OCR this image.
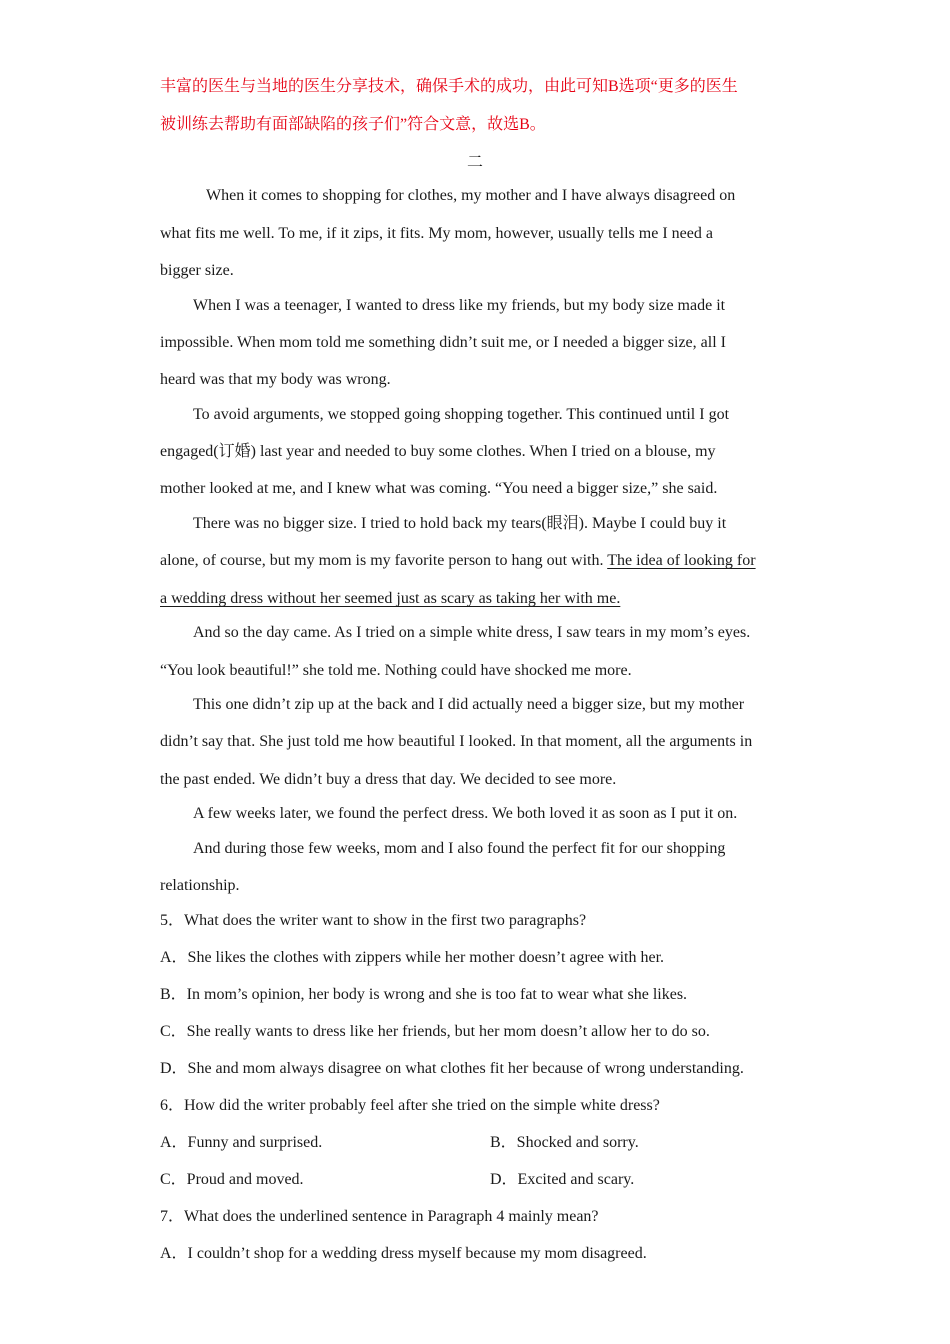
丰富的医生与当地的医生分享技术，确保手术的成功，由此可知B选项“更多的医生
被训练去帮助有面部缺陷的孩子们”符合文意，故选B。
二
When it comes to shopping for clothes, my mother and I have always disagreed on
what fits me well. To me, if it zips, it fits. My mom, however, usually tells me I need a
bigger size.
When I was a teenager, I wanted to dress like my friends, but my body size made it
impossible. When mom told me something didn’t suit me, or I needed a bigger size, all I
heard was that my body was wrong.
To avoid arguments, we stopped going shopping together. This continued until I got
engaged(订婚) last year and needed to buy some clothes. When I tried on a blouse, my
mother looked at me, and I knew what was coming. “You need a bigger size,” she said.
There was no bigger size. I tried to hold back my tears(眼泪). Maybe I could buy it
alone, of course, but my mom is my favorite person to hang out with. The idea of looking for
a wedding dress without her seemed just as scary as taking her with me.
And so the day came. As I tried on a simple white dress, I saw tears in my mom’s eyes.
“You look beautiful!” she told me. Nothing could have shocked me more.
This one didn’t zip up at the back and I did actually need a bigger size, but my mother
didn’t say that. She just told me how beautiful I looked. In that moment, all the arguments in
the past ended. We didn’t buy a dress that day. We decided to see more.
A few weeks later, we found the perfect dress. We both loved it as soon as I put it on.
And during those few weeks, mom and I also found the perfect fit for our shopping
relationship.
5．What does the writer want to show in the first two paragraphs?
A．She likes the clothes with zippers while her mother doesn’t agree with her.
B．In mom’s opinion, her body is wrong and she is too fat to wear what she likes.
C．She really wants to dress like her friends, but her mom doesn’t allow her to do so.
D．She and mom always disagree on what clothes fit her because of wrong understanding.
6．How did the writer probably feel after she tried on the simple white dress?
A．Funny and surprised.	B．Shocked and sorry.
C．Proud and moved.	D．Excited and scary.
7．What does the underlined sentence in Paragraph 4 mainly mean?
A．I couldn’t shop for a wedding dress myself because my mom disagreed.
